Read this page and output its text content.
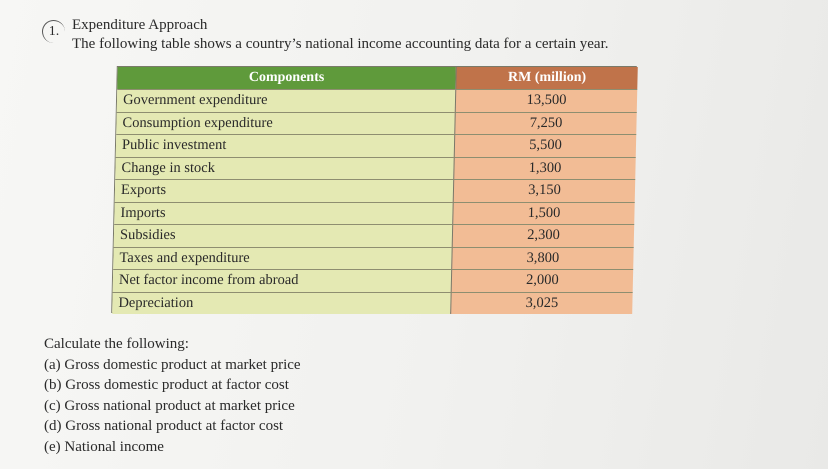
1. Expenditure Approach
The following table shows a country’s national income accounting data for a certain year.
Components	RM (million)
Government expenditure	13,500
Consumption expenditure	7,250
Public investment	5,500
Change in stock	1,300
Exports	3,150
Imports	1,500
Subsidies	2,300
Taxes and expenditure	3,800
Net factor income from abroad	2,000
Depreciation	3,025
Calculate the following:
(a) Gross domestic product at market price
(b) Gross domestic product at factor cost
(c) Gross national product at market price
(d) Gross national product at factor cost
(e) National income
